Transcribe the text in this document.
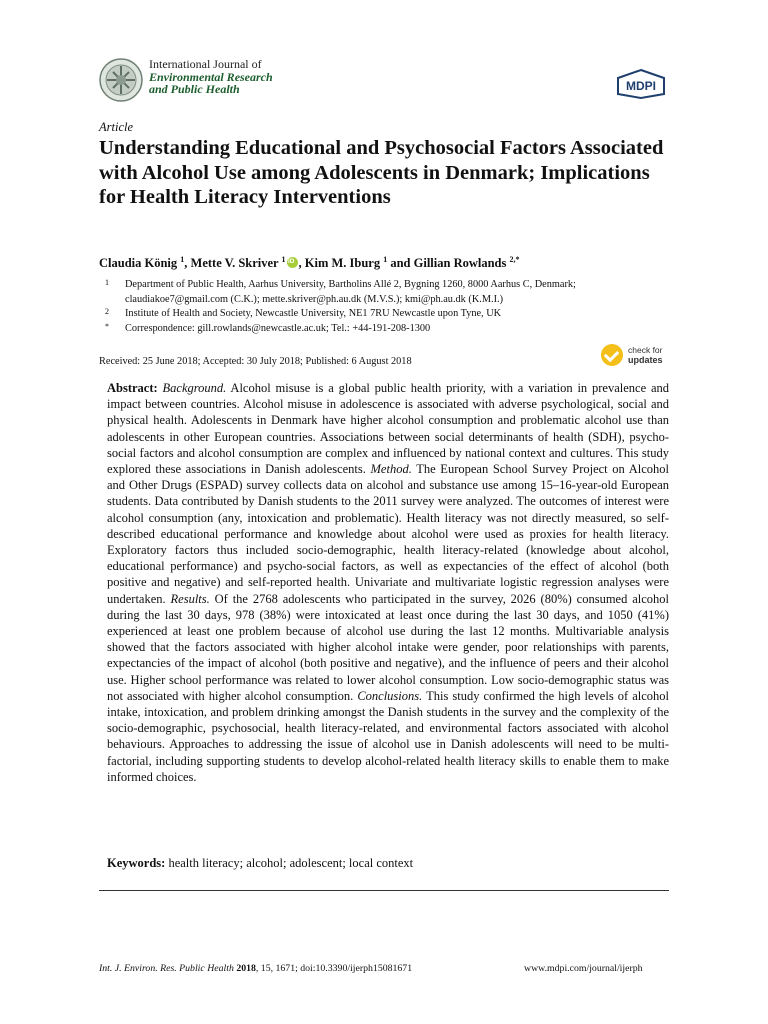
International Journal of
Environmental Research
and Public Health	MDPI
Article
Understanding Educational and Psychosocial Factors Associated with Alcohol Use among Adolescents in Denmark; Implications for Health Literacy Interventions
Claudia König $^1$, Mette V. Skriver $^1$iD , Kim M. Iburg $^1$ and Gillian Rowlands $^{2,*}$
1 Department of Public Health, Aarhus University, Bartholins Allé 2, Bygning 1260, 8000 Aarhus C, Denmark; claudiakoe7@gmail.com (C.K.); mette.skriver@ph.au.dk (M.V.S.); kmi@ph.au.dk (K.M.I.)
2 Institute of Health and Society, Newcastle University, NE1 7RU Newcastle upon Tyne, UK
* Correspondence: gill.rowlands@newcastle.ac.uk; Tel.: +44-191-208-1300
Received: 25 June 2018; Accepted: 30 July 2018; Published: 6 August 2018
check for
updates
Abstract: Background. Alcohol misuse is a global public health priority, with a variation in prevalence and impact between countries. Alcohol misuse in adolescence is associated with adverse psychological, social and physical health. Adolescents in Denmark have higher alcohol consumption and problematic alcohol use than adolescents in other European countries. Associations between social determinants of health (SDH), psycho-social factors and alcohol consumption are complex and influenced by national context and cultures. This study explored these associations in Danish adolescents. Method. The European School Survey Project on Alcohol and Other Drugs (ESPAD) survey collects data on alcohol and substance use among 15–16-year-old European students. Data contributed by Danish students to the 2011 survey were analyzed. The outcomes of interest were alcohol consumption (any, intoxication and problematic). Health literacy was not directly measured, so self-described educational performance and knowledge about alcohol were used as proxies for health literacy. Exploratory factors thus included socio-demographic, health literacy-related (knowledge about alcohol, educational performance) and psycho-social factors, as well as expectancies of the effect of alcohol (both positive and negative) and self-reported health. Univariate and multivariate logistic regression analyses were undertaken. Results. Of the 2768 adolescents who participated in the survey, 2026 (80%) consumed alcohol during the last 30 days, 978 (38%) were intoxicated at least once during the last 30 days, and 1050 (41%) experienced at least one problem because of alcohol use during the last 12 months. Multivariable analysis showed that the factors associated with higher alcohol intake were gender, poor relationships with parents, expectancies of the impact of alcohol (both positive and negative), and the influence of peers and their alcohol use. Higher school performance was related to lower alcohol consumption. Low socio-demographic status was not associated with higher alcohol consumption. Conclusions. This study confirmed the high levels of alcohol intake, intoxication, and problem drinking amongst the Danish students in the survey and the complexity of the socio-demographic, psychosocial, health literacy-related, and environmental factors associated with alcohol behaviours. Approaches to addressing the issue of alcohol use in Danish adolescents will need to be multi-factorial, including supporting students to develop alcohol-related health literacy skills to enable them to make informed choices.
Keywords: health literacy; alcohol; adolescent; local context
Int. J. Environ. Res. Public Health 2018, 15, 1671; doi:10.3390/ijerph15081671	www.mdpi.com/journal/ijerph
